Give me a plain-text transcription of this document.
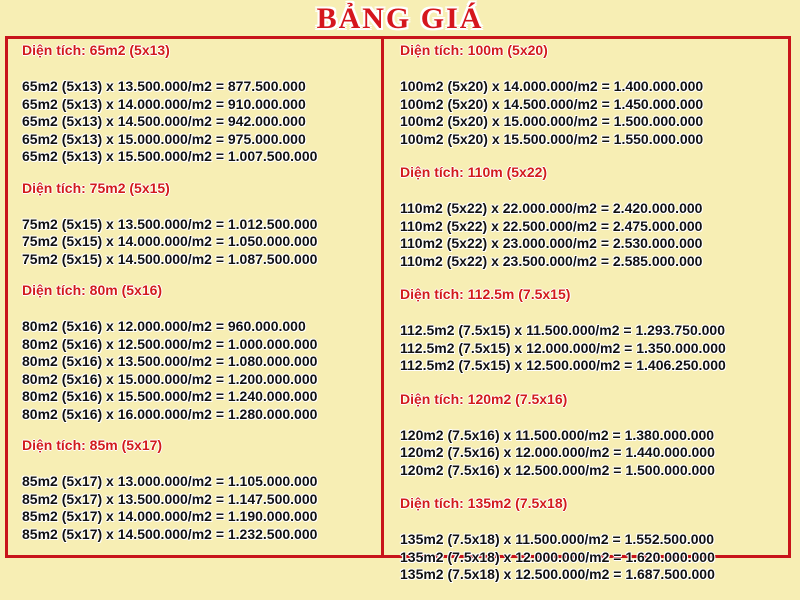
BẢNG GIÁ
Diện tích: 65m2 (5x13)
65m2 (5x13) x 13.500.000/m2 = 877.500.000
65m2 (5x13) x 14.000.000/m2 = 910.000.000
65m2 (5x13) x 14.500.000/m2 = 942.000.000
65m2 (5x13) x 15.000.000/m2 = 975.000.000
65m2 (5x13) x 15.500.000/m2 = 1.007.500.000
Diện tích: 75m2 (5x15)
75m2 (5x15) x 13.500.000/m2 = 1.012.500.000
75m2 (5x15) x 14.000.000/m2 = 1.050.000.000
75m2 (5x15) x 14.500.000/m2 = 1.087.500.000
Diện tích: 80m (5x16)
80m2 (5x16) x 12.000.000/m2 = 960.000.000
80m2 (5x16) x 12.500.000/m2 = 1.000.000.000
80m2 (5x16) x 13.500.000/m2 = 1.080.000.000
80m2 (5x16) x 15.000.000/m2 = 1.200.000.000
80m2 (5x16) x 15.500.000/m2 = 1.240.000.000
80m2 (5x16) x 16.000.000/m2 = 1.280.000.000
Diện tích: 85m (5x17)
85m2 (5x17) x 13.000.000/m2 = 1.105.000.000
85m2 (5x17) x 13.500.000/m2 = 1.147.500.000
85m2 (5x17) x 14.000.000/m2 = 1.190.000.000
85m2 (5x17) x 14.500.000/m2 = 1.232.500.000
Diện tích: 100m (5x20)
100m2 (5x20) x 14.000.000/m2 = 1.400.000.000
100m2 (5x20) x 14.500.000/m2 = 1.450.000.000
100m2 (5x20) x 15.000.000/m2 = 1.500.000.000
100m2 (5x20) x 15.500.000/m2 = 1.550.000.000
Diện tích: 110m (5x22)
110m2 (5x22) x 22.000.000/m2 = 2.420.000.000
110m2 (5x22) x 22.500.000/m2 = 2.475.000.000
110m2 (5x22) x 23.000.000/m2 = 2.530.000.000
110m2 (5x22) x 23.500.000/m2 = 2.585.000.000
Diện tích: 112.5m (7.5x15)
112.5m2 (7.5x15) x 11.500.000/m2 = 1.293.750.000
112.5m2 (7.5x15) x 12.000.000/m2 = 1.350.000.000
112.5m2 (7.5x15) x 12.500.000/m2 = 1.406.250.000
Diện tích: 120m2 (7.5x16)
120m2 (7.5x16) x 11.500.000/m2 = 1.380.000.000
120m2 (7.5x16) x 12.000.000/m2 = 1.440.000.000
120m2 (7.5x16) x 12.500.000/m2 = 1.500.000.000
Diện tích: 135m2 (7.5x18)
135m2 (7.5x18) x 11.500.000/m2 = 1.552.500.000
135m2 (7.5x18) x 12.000.000/m2 = 1.620.000.000
135m2 (7.5x18) x 12.500.000/m2 = 1.687.500.000
